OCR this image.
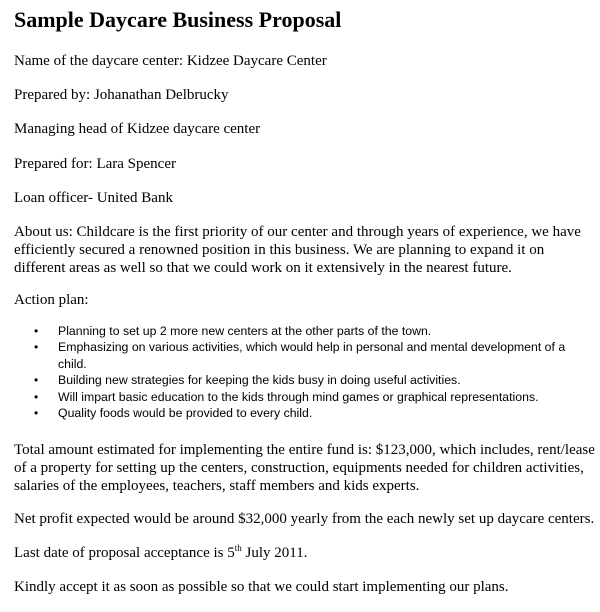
Sample Daycare Business Proposal

Name of the daycare center: Kidzee Daycare Center

Prepared by: Johanathan Delbrucky

Managing head of Kidzee daycare center

Prepared for: Lara Spencer

Loan officer- United Bank

About us: Childcare is the first priority of our center and through years of experience, we have
efficiently secured a renowned position in this business. We are planning to expand it on
different areas as well so that we could work on it extensively in the nearest future.

Action plan:

• Planning to set up 2 more new centers at the other parts of the town.
• Emphasizing on various activities, which would help in personal and mental development of a
child.
• Building new strategies for keeping the kids busy in doing useful activities.
• Will impart basic education to the kids through mind games or graphical representations.
• Quality foods would be provided to every child.
Total amount estimated for implementing the entire fund is: $123,000, which includes, rent/lease
of a property for setting up the centers, construction, equipments needed for children activities,
salaries of the employees, teachers, staff members and kids experts.

Net profit expected would be around $32,000 yearly from the each newly set up daycare centers.

Last date of proposal acceptance is 5th July 2011.

Kindly accept it as soon as possible so that we could start implementing our plans.
